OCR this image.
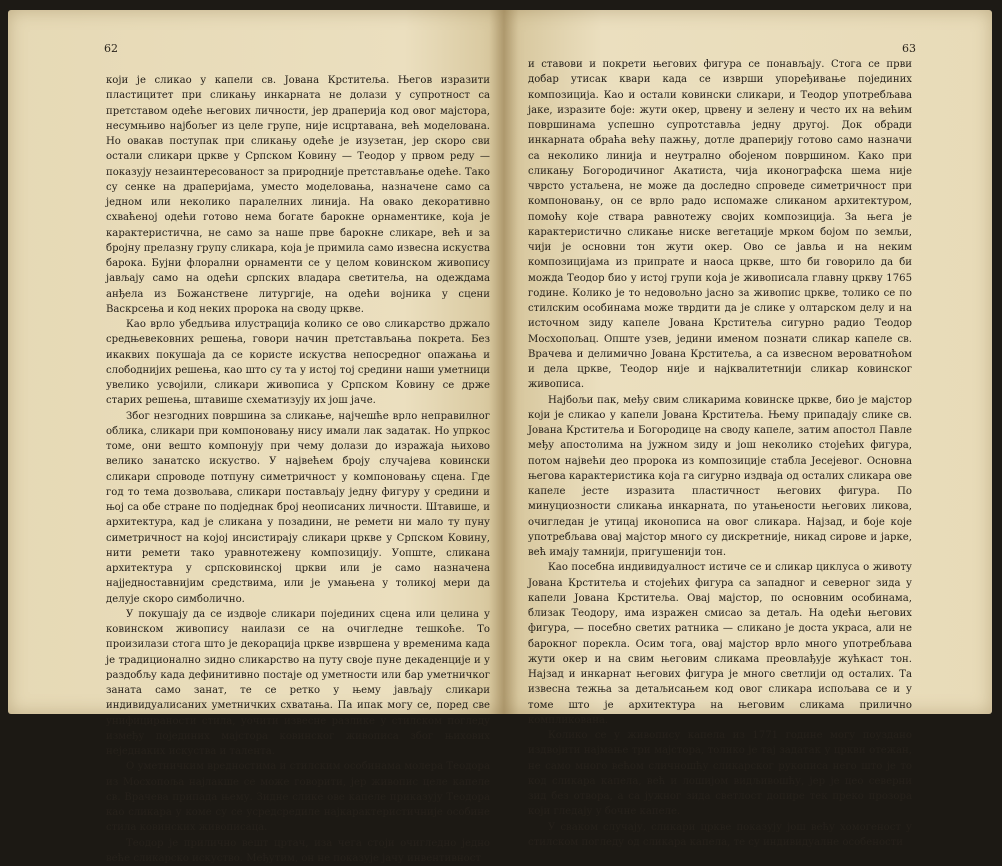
62

који је сликао у капели св. Јована Крститеља. Његов изразити пластицитет при сликању инкарната не долази у супротност са претставом одеће његових личности, јер драперија код овог мајстора, несумњиво најбољег из целе групе, није исцртавана, већ моделована. Но овакав поступак при сликању одеће је изузетан, јер скоро сви остали сликари цркве у Српском Ковину — Теодор у првом реду — показују незаинтересованост за природније претстављање одеће. Тако су сенке на драперијама, уместо моделовања, назначене само са једном или неколико паралелних линија. На овако декоративно схваћеној одећи готово нема богате барокне орнаментике, која је карактеристична, не само за наше прве барокне сликаре, већ и за бројну прелазну групу сликара, која је примила само извесна искуства барока. Бујни флорални орнаменти се у целом ковинском живопису јављају само на одећи српских владара светитеља, на одеждама анђела из Божанствене литургије, на одећи војника у сцени Васкрсења и код неких пророка на своду цркве.

Као врло убедљива илустрација колико се ово сликарство држало средњевековних решења, говори начин претстављања покрета. Без икаквих покушаја да се користе искуства непосредног опажања и слободнијих решења, као што су та у истој тој средини наши уметници увелико усвојили, сликари живописа у Српском Ковину се држе старих решења, штавише схематизују их још јаче.

Због незгодних површина за сликање, најчешће врло неправилног облика, сликари при компоновању нису имали лак задатак. Но упркос томе, они вешто компонују при чему долази до изражаја њихово велико занатско искуство. У највећем броју случајева ковински сликари спроводе потпуну симетричност у компоновању сцена. Где год то тема дозвољава, сликари постављају једну фигуру у средини и њој са обе стране по подједнак број неописаних личности. Штавише, и архитектура, кад је сликана у позадини, не ремети ни мало ту пуну симетричност на којој инсистирају сликари цркве у Српском Ковину, нити ремети тако уравнотежену композицију. Уопште, сликана архитектура у српсковинској цркви или је само назначена најједноставнијим средствима, или је умањена у толикој мери да делује скоро симболично.

У покушају да се издвоје сликари појединих сцена или целина у ковинском живопису наилази се на очигледне тешкоће. То произилази стога што је декорација цркве извршена у временима када је традиционално зидно сликарство на путу своје пуне декаденције и у раздобљу када дефинитивно постаје од уметности или бар уметничког заната само занат, те се ретко у њему јављају сликари индивидуалисаних уметничких схватања. Па ипак могу се, поред све унифицираности стила, уочити извесне разлике у стилском погледу између појединих мајстора ковинског живописа због њихових неједнаких искуства и талента.

О уметничким вредностима и стилским особинама молера Теодора из Мосхопоља најлакше се може говорити, јер живопис целе капеле св. Врачева припада њему. Зидне слике ове капеле приказују Теодора као сликара у коме су се усредсредиле најкарактеристичније особине стила ковинских живописаца.

Теодор је прилично вешт цртач, иза чега стоји очигледно једно веће сликарско искуство. Међутим, он не показује јачу инвентивност

63

и ставови и покрети његових фигура се понављају. Стога се први добар утисак квари када се изврши упоређивање појединих композиција. Као и остали ковински сликари, и Теодор употребљава јаке, изразите боје: жути окер, црвену и зелену и често их на већим површинама успешно супротставља једну другој. Док обради инкарната обраћа већу пажњу, дотле драперију готово само назначи са неколико линија и неутрално обојеном површином. Како при сликању Богородичиног Акатиста, чија иконографска шема није чврсто устаљена, не може да доследно спроведе симетричност при компоновању, он се врло радо испомаже сликаном архитектуром, помоћу које ствара равнотежу својих композиција. За њега је карактеристично сликање ниске вегетације мрком бојом по земљи, чији је основни тон жути окер. Ово се јавља и на неким композицијама из припрате и наоса цркве, што би говорило да би можда Теодор био у истој групи која је живописала главну цркву 1765 године. Колико је то недовољно јасно за живопис цркве, толико се по стилским особинама може тврдити да је слике у олтарском делу и на источном зиду капеле Јована Крститеља сигурно радио Теодор Мосхопољац. Опште узев, једини именом познати сликар капеле св. Врачева и делимично Јована Крститеља, а са извесном вероватноћом и дела цркве, Теодор није и најквалитетнији сликар ковинског живописа.

Најбољи пак, међу свим сликарима ковинске цркве, био је мајстор који је сликао у капели Јована Крститеља. Њему припадају слике св. Јована Крститеља и Богородице на своду капеле, затим апостол Павле међу апостолима на јужном зиду и још неколико стојећих фигура, потом највећи део пророка из композиције стабла Јесејевог. Основна његова карактеристика која га сигурно издваја од осталих сликара ове капеле јесте изразита пластичност његових фигура. По минуциозности сликања инкарната, по утањености његових ликова, очигледан је утицај иконописа на овог сликара. Најзад, и боје које употребљава овај мајстор много су дискретније, никад сирове и јарке, већ имају тамнији, пригушенији тон.

Као посебна индивидуалност истиче се и сликар циклуса о животу Јована Крститеља и стојећих фигура са западног и северног зида у капели Јована Крститеља. Овај мајстор, по основним особинама, близак Теодору, има изражен смисао за детаљ. На одећи његових фигура, — посебно светих ратника — сликано је доста украса, али не барокног порекла. Осим тога, овај мајстор врло много употребљава жути окер и на свим његовим сликама преовлађује жућкаст тон. Најзад и инкарнат његових фигура је много светлији од осталих. Та извесна тежња за детаљисањем код овог сликара испољава се и у томе што је архитектура на његовим сликама прилично компликована.

Колико се у живопису капела из 1771 године могу поуздано издвојити најмање три мајстора, толико је тај задатак у цркви отежан, не само много већом сличношћу сликарског рукописа него што је то код сликара капела, већ и лошијом видљивошћу, јер је цео северни зид без отвора, а са јужног зида светлост допире тек преко прозора који гледају у бочне капеле.

У сваком случају, сликари цркве показују још већу хомогеност у стилском погледу од сликара капела, те су индивидуалне особености
